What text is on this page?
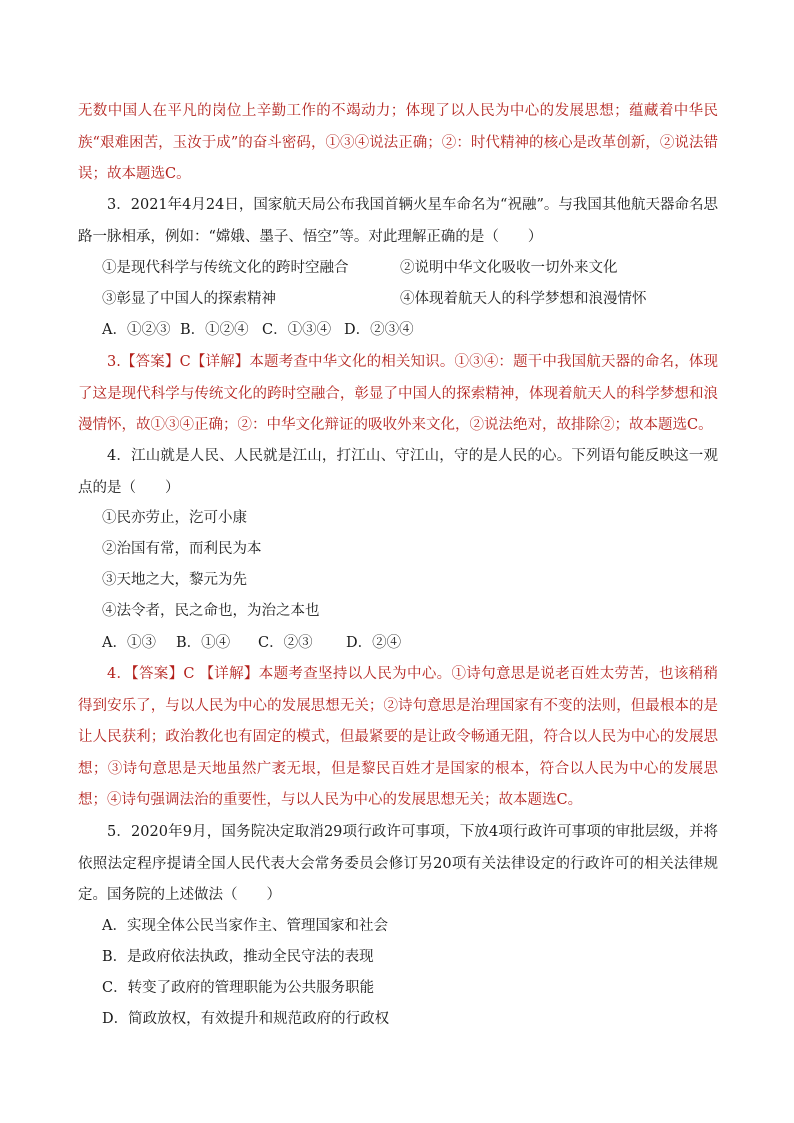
无数中国人在平凡的岗位上辛勤工作的不竭动力；体现了以人民为中心的发展思想；蕴藏着中华民族“艰难困苦，玉汝于成”的奋斗密码，①③④说法正确；②：时代精神的核心是改革创新，②说法错误；故本题选C。

3．2021年4月24日，国家航天局公布我国首辆火星车命名为“祝融”。与我国其他航天器命名思路一脉相承，例如：“嫦娥、墨子、悟空”等。对此理解正确的是（　　）

①是现代科学与传统文化的跨时空融合	②说明中华文化吸收一切外来文化

③彰显了中国人的探索精神	④体现着航天人的科学梦想和浪漫情怀

A．①②③ B．①②④ C．①③④ D．②③④

3.【答案】C【详解】本题考查中华文化的相关知识。①③④：题干中我国航天器的命名，体现了这是现代科学与传统文化的跨时空融合，彰显了中国人的探索精神，体现着航天人的科学梦想和浪漫情怀，故①③④正确；②：中华文化辩证的吸收外来文化，②说法绝对，故排除②；故本题选C。

4．江山就是人民、人民就是江山，打江山、守江山，守的是人民的心。下列语句能反映这一观点的是（　　）

①民亦劳止，汔可小康

②治国有常，而利民为本

③天地之大，黎元为先

④法令者，民之命也，为治之本也

A．①③ B．①④ C．②③ D．②④

4．【答案】C 【详解】本题考查坚持以人民为中心。①诗句意思是说老百姓太劳苦，也该稍稍得到安乐了，与以人民为中心的发展思想无关；②诗句意思是治理国家有不变的法则，但最根本的是让人民获利；政治教化也有固定的模式，但最紧要的是让政令畅通无阻，符合以人民为中心的发展思想；③诗句意思是天地虽然广袤无垠，但是黎民百姓才是国家的根本，符合以人民为中心的发展思想；④诗句强调法治的重要性，与以人民为中心的发展思想无关；故本题选C。

5．2020年9月，国务院决定取消29项行政许可事项，下放4项行政许可事项的审批层级，并将依照法定程序提请全国人民代表大会常务委员会修订另20项有关法律设定的行政许可的相关法律规定。国务院的上述做法（　　）

A．实现全体公民当家作主、管理国家和社会

B．是政府依法执政，推动全民守法的表现

C．转变了政府的管理职能为公共服务职能

D．简政放权，有效提升和规范政府的行政权
